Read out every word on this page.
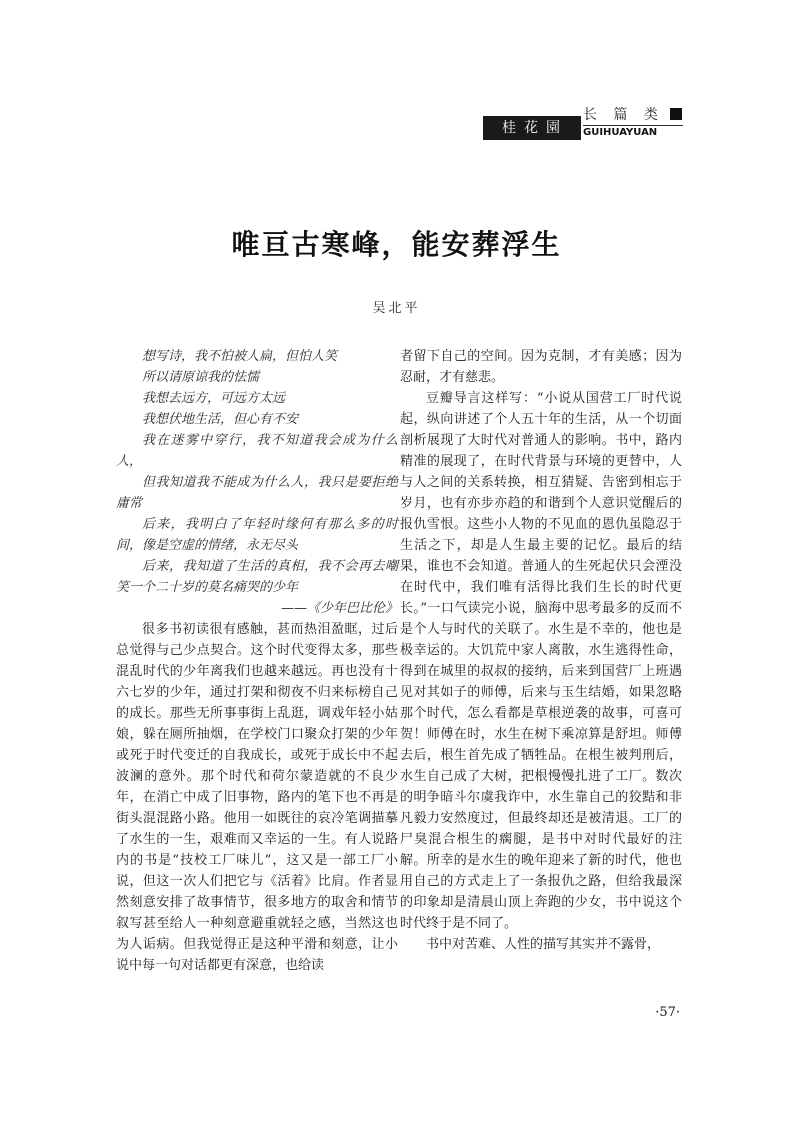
长 篇 类
桂花園	GUIHUAYUAN
唯亘古寒峰，能安葬浮生
吴北平

想写诗，我不怕被人扁，但怕人笑

所以请原谅我的怯懦

我想去远方，可远方太远

我想伏地生活，但心有不安

我在迷雾中穿行，我不知道我会成为什么人，

但我知道我不能成为什么人，我只是要拒绝庸常

后来，我明白了年轻时缘何有那么多的时间，像是空虚的情绪，永无尽头

后来，我知道了生活的真相，我不会再去嘲笑一个二十岁的莫名痛哭的少年

——《少年巴比伦》

很多书初读很有感触，甚而热泪盈眶，过后总觉得与己少点契合。这个时代变得太多，那些混乱时代的少年离我们也越来越远。再也没有十六七岁的少年，通过打架和彻夜不归来标榜自己的成长。那些无所事事街上乱逛，调戏年轻小姑娘，躲在厕所抽烟，在学校门口聚众打架的少年或死于时代变迁的自我成长，或死于成长中不起波澜的意外。那个时代和荷尔蒙造就的不良少年，在消亡中成了旧事物，路内的笔下也不再是街头混混路小路。他用一如既往的哀冷笔调描摹了水生的一生，艰难而又幸运的一生。有人说路内的书是“技校工厂味儿”，这又是一部工厂小说，但这一次人们把它与《活着》比肩。作者显然刻意安排了故事情节，很多地方的取舍和情节叙写甚至给人一种刻意避重就轻之感，当然这也为人诟病。但我觉得正是这种平滑和刻意，让小说中每一句对话都更有深意，也给读

者留下自己的空间。因为克制，才有美感；因为忍耐，才有慈悲。

豆瓣导言这样写：“小说从国营工厂时代说起，纵向讲述了个人五十年的生活，从一个切面剖析展现了大时代对普通人的影响。书中，路内精准的展现了，在时代背景与环境的更替中，人与人之间的关系转换，相互猜疑、告密到相忘于岁月，也有亦步亦趋的和谐到个人意识觉醒后的报仇雪恨。这些小人物的不见血的恩仇虽隐忍于生活之下，却是人生最主要的记忆。最后的结果，谁也不会知道。普通人的生死起伏只会湮没在时代中，我们唯有活得比我们生长的时代更长。”一口气读完小说，脑海中思考最多的反而不是个人与时代的关联了。水生是不幸的，他也是极幸运的。大饥荒中家人离散，水生逃得性命，得到在城里的叔叔的接纳，后来到国营厂上班遇见对其如子的师傅，后来与玉生结婚，如果忽略那个时代，怎么看都是草根逆袭的故事，可喜可贺！师傅在时，水生在树下乘凉算是舒坦。师傅去后，根生首先成了牺牲品。在根生被判刑后，水生自己成了大树，把根慢慢扎进了工厂。数次的明争暗斗尔虞我诈中，水生靠自己的狡黠和非凡毅力安然度过，但最终却还是被清退。工厂的尸臭混合根生的瘸腿，是书中对时代最好的注解。所幸的是水生的晚年迎来了新的时代，他也用自己的方式走上了一条报仇之路，但给我最深的印象却是清晨山顶上奔跑的少女，书中说这个时代终于是不同了。

书中对苦难、人性的描写其实并不露骨，

·57·
